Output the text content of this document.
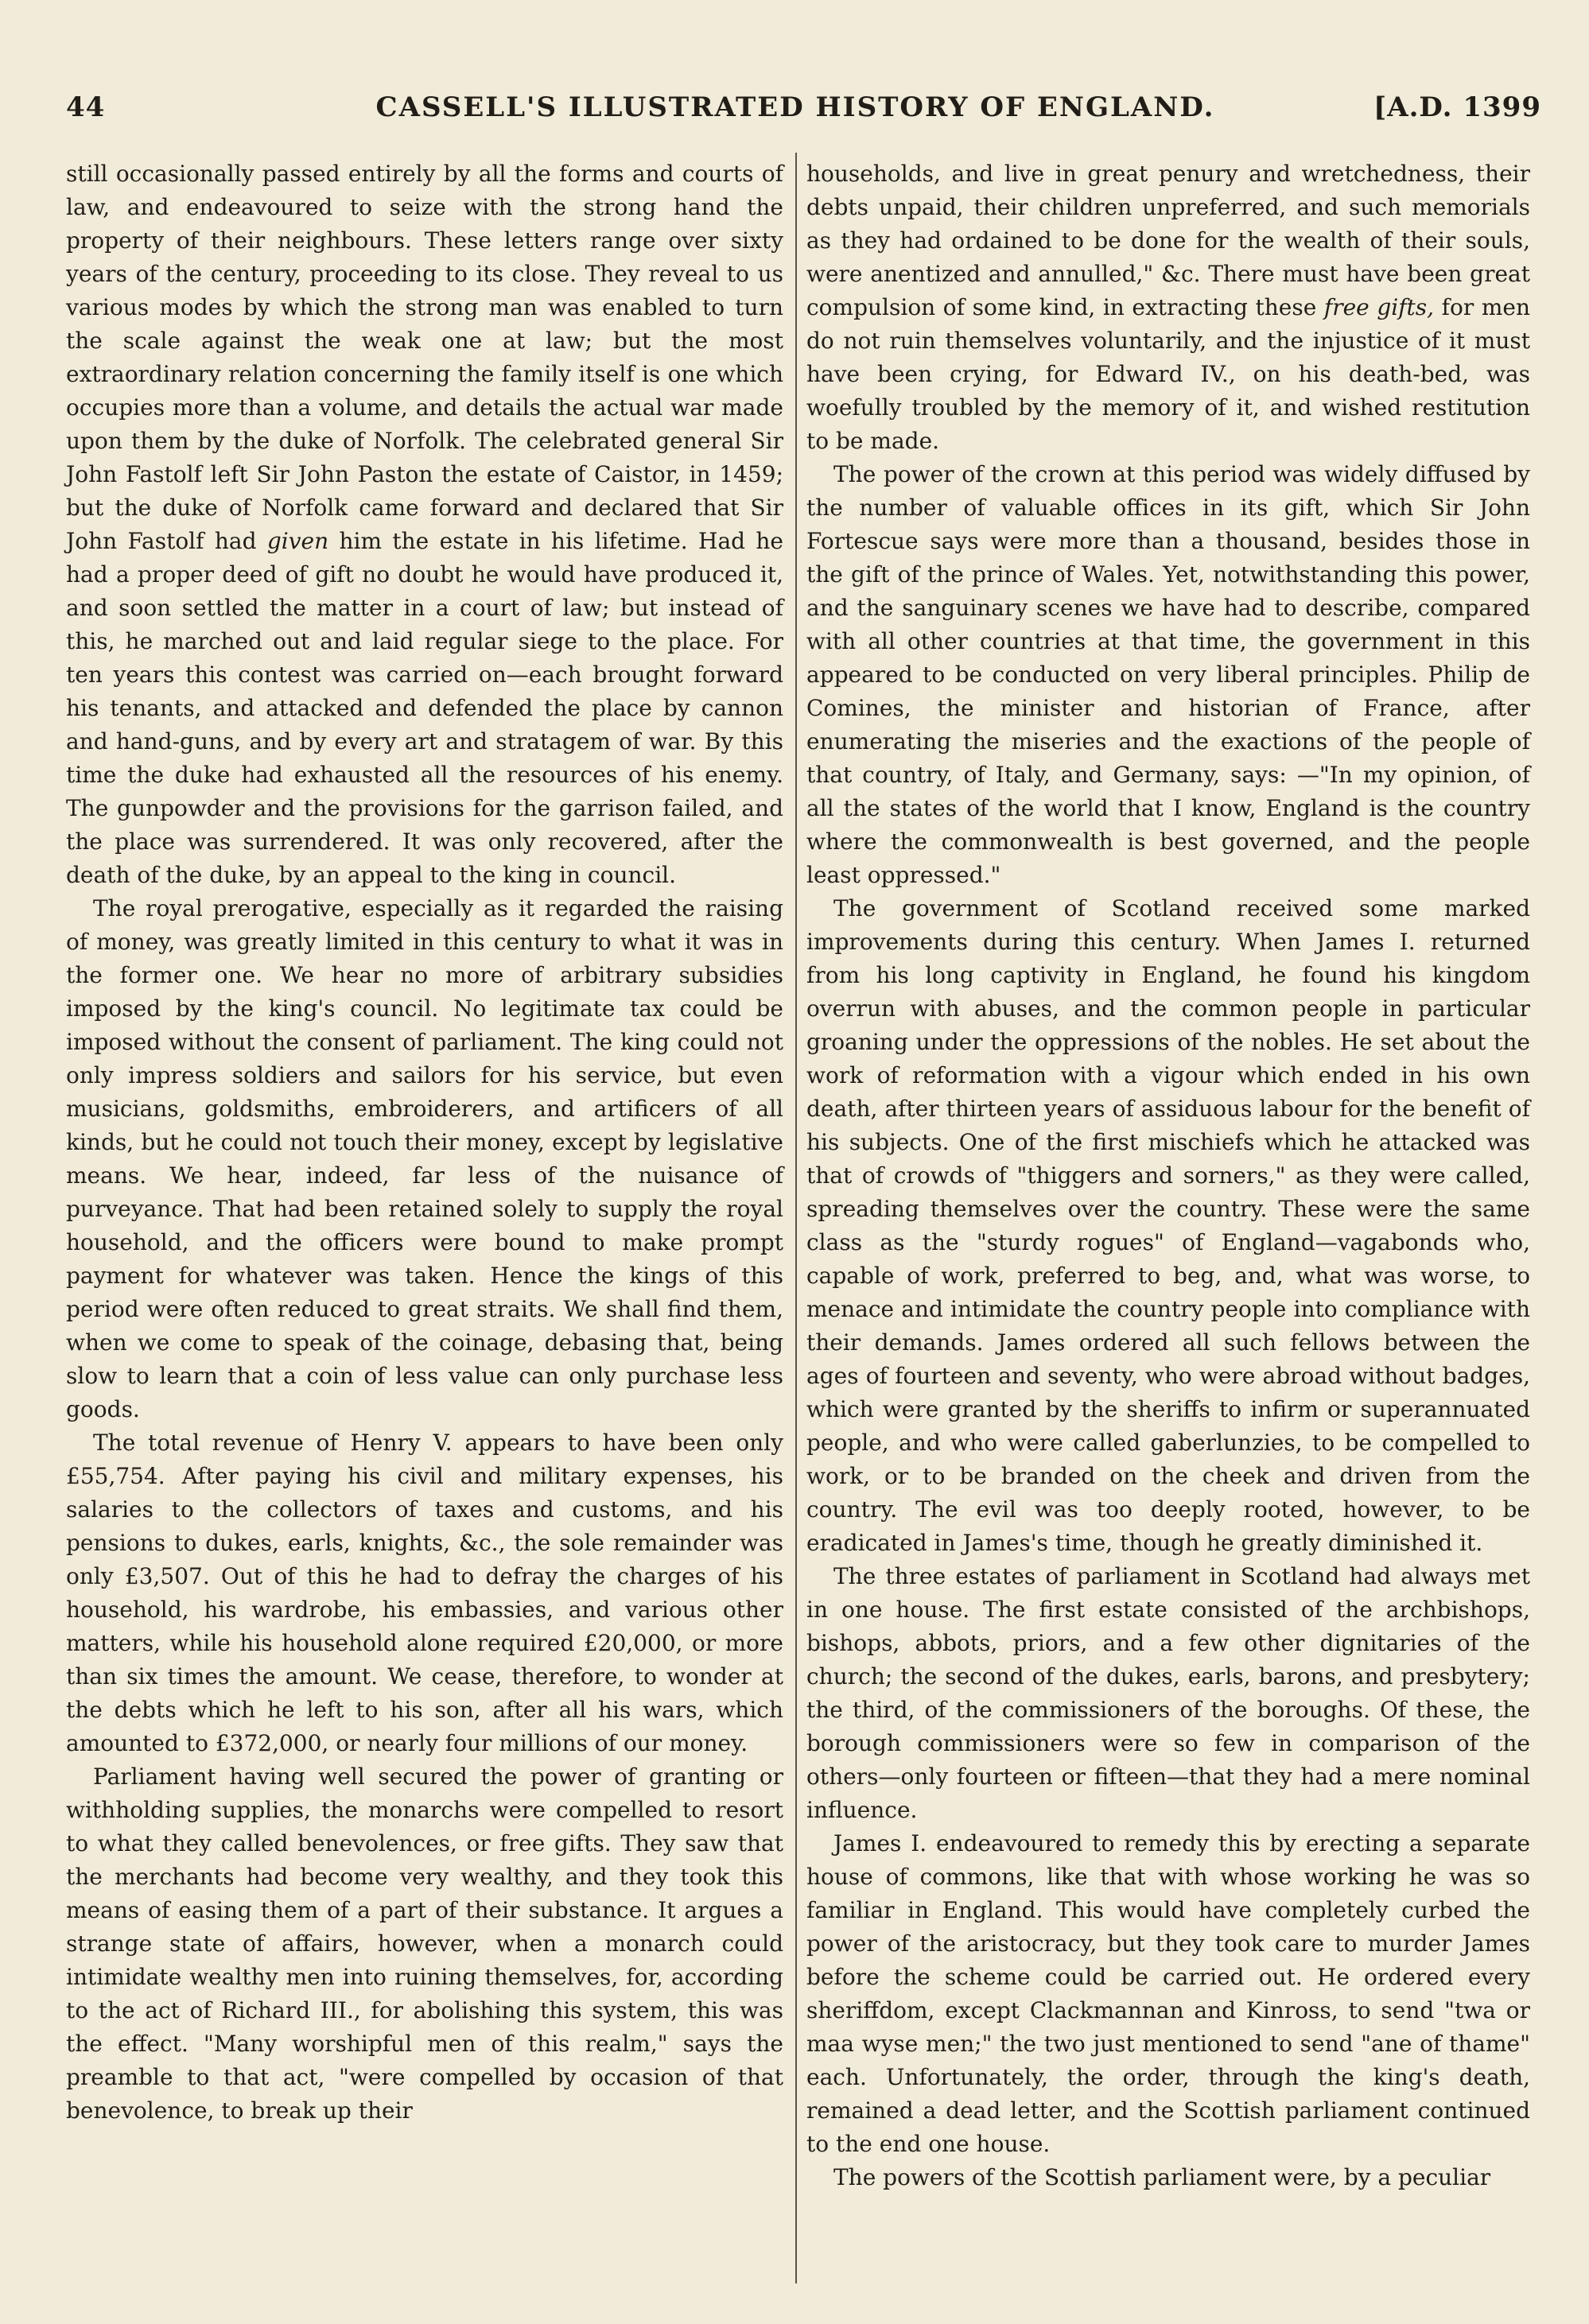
44	CASSELL'S ILLUSTRATED HISTORY OF ENGLAND.	[A.D. 1399

still occasionally passed entirely by all the forms and courts of law, and endeavoured to seize with the strong hand the property of their neighbours. These letters range over sixty years of the century, proceeding to its close. They reveal to us various modes by which the strong man was enabled to turn the scale against the weak one at law; but the most extraordinary relation concerning the family itself is one which occupies more than a volume, and details the actual war made upon them by the duke of Norfolk. The celebrated general Sir John Fastolf left Sir John Paston the estate of Caistor, in 1459; but the duke of Norfolk came forward and declared that Sir John Fastolf had given him the estate in his lifetime. Had he had a proper deed of gift no doubt he would have produced it, and soon settled the matter in a court of law; but instead of this, he marched out and laid regular siege to the place. For ten years this contest was carried on—each brought forward his tenants, and attacked and defended the place by cannon and hand-guns, and by every art and stratagem of war. By this time the duke had exhausted all the resources of his enemy. The gunpowder and the provisions for the garrison failed, and the place was surrendered. It was only recovered, after the death of the duke, by an appeal to the king in council.

The royal prerogative, especially as it regarded the raising of money, was greatly limited in this century to what it was in the former one. We hear no more of arbitrary subsidies imposed by the king's council. No legitimate tax could be imposed without the consent of parliament. The king could not only impress soldiers and sailors for his service, but even musicians, goldsmiths, embroiderers, and artificers of all kinds, but he could not touch their money, except by legislative means. We hear, indeed, far less of the nuisance of purveyance. That had been retained solely to supply the royal household, and the officers were bound to make prompt payment for whatever was taken. Hence the kings of this period were often reduced to great straits. We shall find them, when we come to speak of the coinage, debasing that, being slow to learn that a coin of less value can only purchase less goods.

The total revenue of Henry V. appears to have been only £55,754. After paying his civil and military expenses, his salaries to the collectors of taxes and customs, and his pensions to dukes, earls, knights, &c., the sole remainder was only £3,507. Out of this he had to defray the charges of his household, his wardrobe, his embassies, and various other matters, while his household alone required £20,000, or more than six times the amount. We cease, therefore, to wonder at the debts which he left to his son, after all his wars, which amounted to £372,000, or nearly four millions of our money.

Parliament having well secured the power of granting or withholding supplies, the monarchs were compelled to resort to what they called benevolences, or free gifts. They saw that the merchants had become very wealthy, and they took this means of easing them of a part of their substance. It argues a strange state of affairs, however, when a monarch could intimidate wealthy men into ruining themselves, for, according to the act of Richard III., for abolishing this system, this was the effect. "Many worshipful men of this realm," says the preamble to that act, "were compelled by occasion of that benevolence, to break up their

households, and live in great penury and wretchedness, their debts unpaid, their children unpreferred, and such memorials as they had ordained to be done for the wealth of their souls, were anentized and annulled," &c. There must have been great compulsion of some kind, in extracting these free gifts, for men do not ruin themselves voluntarily, and the injustice of it must have been crying, for Edward IV., on his death-bed, was woefully troubled by the memory of it, and wished restitution to be made.

The power of the crown at this period was widely diffused by the number of valuable offices in its gift, which Sir John Fortescue says were more than a thousand, besides those in the gift of the prince of Wales. Yet, notwithstanding this power, and the sanguinary scenes we have had to describe, compared with all other countries at that time, the government in this appeared to be conducted on very liberal principles. Philip de Comines, the minister and historian of France, after enumerating the miseries and the exactions of the people of that country, of Italy, and Germany, says: —"In my opinion, of all the states of the world that I know, England is the country where the commonwealth is best governed, and the people least oppressed."

The government of Scotland received some marked improvements during this century. When James I. returned from his long captivity in England, he found his kingdom overrun with abuses, and the common people in particular groaning under the oppressions of the nobles. He set about the work of reformation with a vigour which ended in his own death, after thirteen years of assiduous labour for the benefit of his subjects. One of the first mischiefs which he attacked was that of crowds of "thiggers and sorners," as they were called, spreading themselves over the country. These were the same class as the "sturdy rogues" of England—vagabonds who, capable of work, preferred to beg, and, what was worse, to menace and intimidate the country people into compliance with their demands. James ordered all such fellows between the ages of fourteen and seventy, who were abroad without badges, which were granted by the sheriffs to infirm or superannuated people, and who were called gaberlunzies, to be compelled to work, or to be branded on the cheek and driven from the country. The evil was too deeply rooted, however, to be eradicated in James's time, though he greatly diminished it.

The three estates of parliament in Scotland had always met in one house. The first estate consisted of the archbishops, bishops, abbots, priors, and a few other dignitaries of the church; the second of the dukes, earls, barons, and presbytery; the third, of the commissioners of the boroughs. Of these, the borough commissioners were so few in comparison of the others—only fourteen or fifteen—that they had a mere nominal influence.

James I. endeavoured to remedy this by erecting a separate house of commons, like that with whose working he was so familiar in England. This would have completely curbed the power of the aristocracy, but they took care to murder James before the scheme could be carried out. He ordered every sheriffdom, except Clackmannan and Kinross, to send "twa or maa wyse men;" the two just mentioned to send "ane of thame" each. Unfortunately, the order, through the king's death, remained a dead letter, and the Scottish parliament continued to the end one house.

The powers of the Scottish parliament were, by a peculiar
